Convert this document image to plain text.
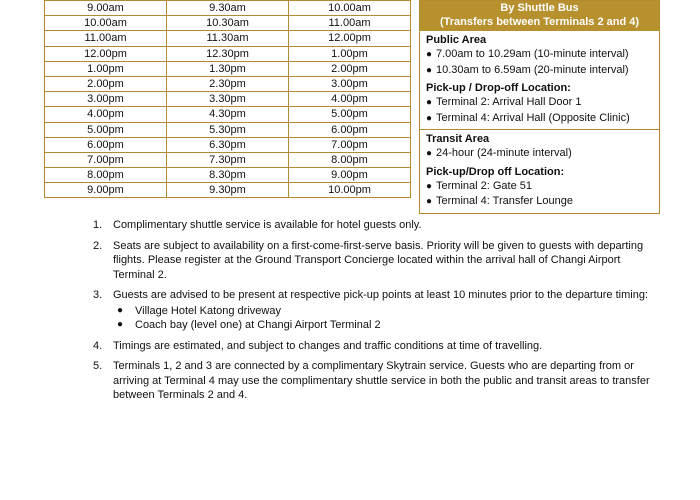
9.00am	9.30am	10.00am
10.00am	10.30am	11.00am
11.00am	11.30am	12.00pm
12.00pm	12.30pm	1.00pm
1.00pm	1.30pm	2.00pm
2.00pm	2.30pm	3.00pm
3.00pm	3.30pm	4.00pm
4.00pm	4.30pm	5.00pm
5.00pm	5.30pm	6.00pm
6.00pm	6.30pm	7.00pm
7.00pm	7.30pm	8.00pm
8.00pm	8.30pm	9.00pm
9.00pm	9.30pm	10.00pm
By Shuttle Bus
(Transfers between Terminals 2 and 4)
Public Area
● 7.00am to 10.29am (10-minute interval)
● 10.30am to 6.59am (20-minute interval)
Pick-up / Drop-off Location:
● Terminal 2: Arrival Hall Door 1
● Terminal 4: Arrival Hall (Opposite Clinic)
Transit Area
● 24-hour (24-minute interval)
Pick-up/Drop off Location:
● Terminal 2: Gate 51
● Terminal 4: Transfer Lounge
1. Complimentary shuttle service is available for hotel guests only.
2. Seats are subject to availability on a first-come-first-serve basis. Priority will be given to guests with departing flights. Please register at the Ground Transport Concierge located within the arrival hall of Changi Airport Terminal 2.
3. Guests are advised to be present at respective pick-up points at least 10 minutes prior to the departure timing:
● Village Hotel Katong driveway
● Coach bay (level one) at Changi Airport Terminal 2
4. Timings are estimated, and subject to changes and traffic conditions at time of travelling.
5. Terminals 1, 2 and 3 are connected by a complimentary Skytrain service. Guests who are departing from or arriving at Terminal 4 may use the complimentary shuttle service in both the public and transit areas to transfer between Terminals 2 and 4.
